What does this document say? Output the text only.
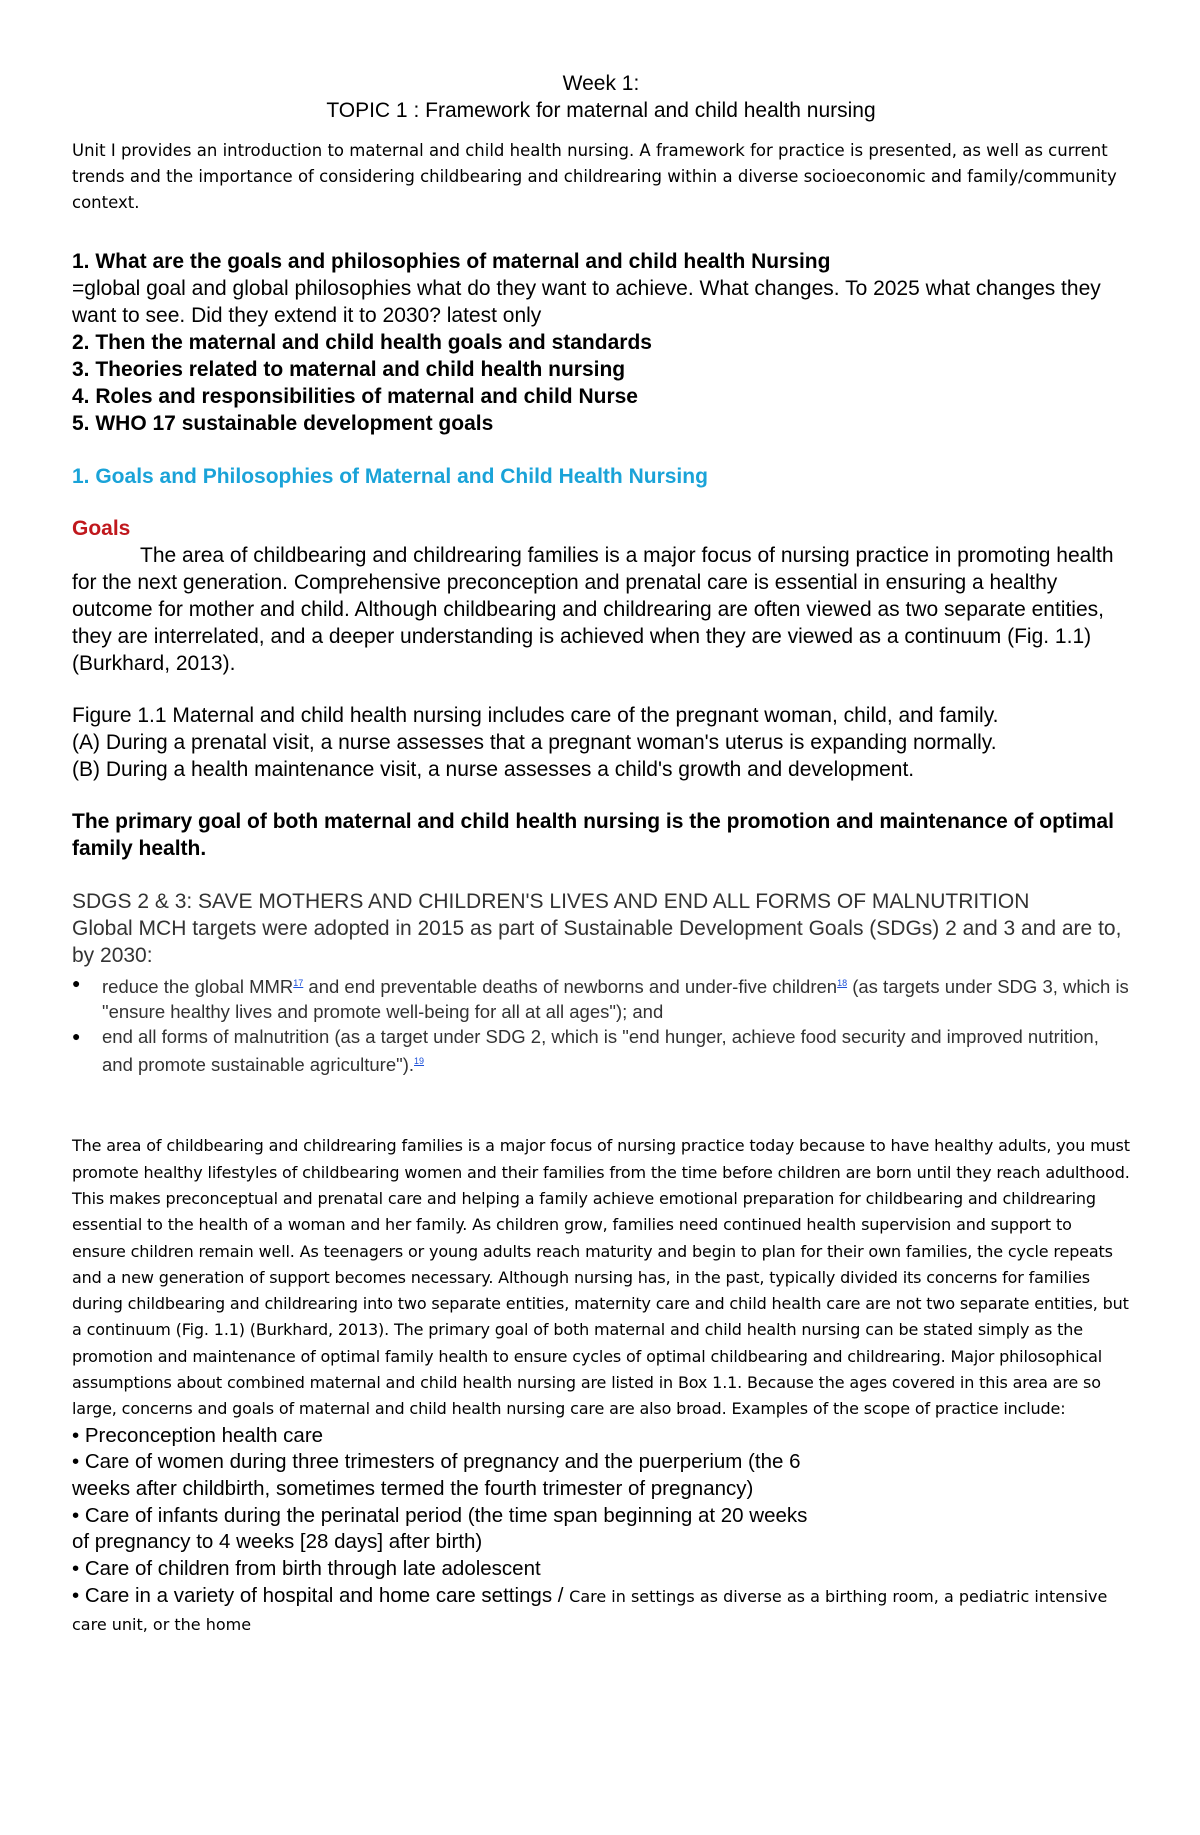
Week 1:
TOPIC 1 : Framework for maternal and child health nursing
Unit I provides an introduction to maternal and child health nursing. A framework for practice is presented, as well as current trends and the importance of considering childbearing and childrearing within a diverse socioeconomic and family/community context.
1. What are the goals and philosophies of maternal and child health Nursing
=global goal and global philosophies what do they want to achieve. What changes. To 2025 what changes they want to see. Did they extend it to 2030? latest only
2. Then the maternal and child health goals and standards
3. Theories related to maternal and child health nursing
4. Roles and responsibilities of maternal and child Nurse
5. WHO 17 sustainable development goals
1. Goals and Philosophies of Maternal and Child Health Nursing
Goals
The area of childbearing and childrearing families is a major focus of nursing practice in promoting health for the next generation. Comprehensive preconception and prenatal care is essential in ensuring a healthy outcome for mother and child. Although childbearing and childrearing are often viewed as two separate entities, they are interrelated, and a deeper understanding is achieved when they are viewed as a continuum (Fig. 1.1) (Burkhard, 2013).
Figure 1.1 Maternal and child health nursing includes care of the pregnant woman, child, and family.
(A) During a prenatal visit, a nurse assesses that a pregnant woman's uterus is expanding normally.
(B) During a health maintenance visit, a nurse assesses a child's growth and development.
The primary goal of both maternal and child health nursing is the promotion and maintenance of optimal family health.
SDGS 2 & 3: SAVE MOTHERS AND CHILDREN'S LIVES AND END ALL FORMS OF MALNUTRITION
Global MCH targets were adopted in 2015 as part of Sustainable Development Goals (SDGs) 2 and 3 and are to, by 2030:
● reduce the global MMR$^{17}$ and end preventable deaths of newborns and under-five children$^{18}$ (as targets under SDG 3, which is "ensure healthy lives and promote well-being for all at all ages"); and
● end all forms of malnutrition (as a target under SDG 2, which is "end hunger, achieve food security and improved nutrition, and promote sustainable agriculture").$^{19}$
The area of childbearing and childrearing families is a major focus of nursing practice today because to have healthy adults, you must promote healthy lifestyles of childbearing women and their families from the time before children are born until they reach adulthood. This makes preconceptual and prenatal care and helping a family achieve emotional preparation for childbearing and childrearing essential to the health of a woman and her family. As children grow, families need continued health supervision and support to ensure children remain well. As teenagers or young adults reach maturity and begin to plan for their own families, the cycle repeats and a new generation of support becomes necessary. Although nursing has, in the past, typically divided its concerns for families during childbearing and childrearing into two separate entities, maternity care and child health care are not two separate entities, but a continuum (Fig. 1.1) (Burkhard, 2013). The primary goal of both maternal and child health nursing can be stated simply as the promotion and maintenance of optimal family health to ensure cycles of optimal childbearing and childrearing. Major philosophical assumptions about combined maternal and child health nursing are listed in Box 1.1. Because the ages covered in this area are so large, concerns and goals of maternal and child health nursing care are also broad. Examples of the scope of practice include:
• Preconception health care
• Care of women during three trimesters of pregnancy and the puerperium (the 6
weeks after childbirth, sometimes termed the fourth trimester of pregnancy)
• Care of infants during the perinatal period (the time span beginning at 20 weeks
of pregnancy to 4 weeks [28 days] after birth)
• Care of children from birth through late adolescent
• Care in a variety of hospital and home care settings / Care in settings as diverse as a birthing room, a pediatric intensive care unit, or the home
